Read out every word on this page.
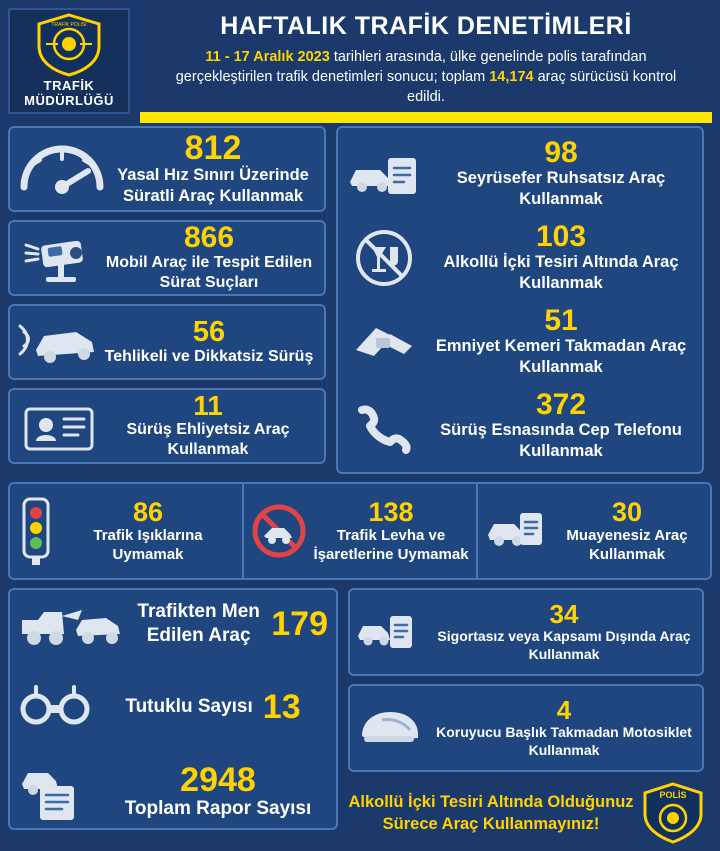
TRAFİK POLİSİ
TRAFİK
MÜDÜRLÜĞÜ
HAFTALIK TRAFİK DENETİMLERİ
11 - 17 Aralık 2023 tarihleri arasında, ülke genelinde polis tarafından gerçekleştirilen trafik denetimleri sonucu; toplam 14,174 araç sürücüsü kontrol edildi.
812
Yasal Hız Sınırı Üzerinde Süratli Araç Kullanmak
866
Mobil Araç ile Tespit Edilen Sürat Suçları
56
Tehlikeli ve Dikkatsiz Sürüş
11
Sürüş Ehliyetsiz Araç Kullanmak
98
Seyrüsefer Ruhsatsız Araç Kullanmak
103
Alkollü İçki Tesiri Altında Araç Kullanmak
51
Emniyet Kemeri Takmadan Araç Kullanmak
372
Sürüş Esnasında Cep Telefonu Kullanmak
86
Trafik Işıklarına Uymamak
138
Trafik Levha ve İşaretlerine Uymamak
30
Muayenesiz Araç Kullanmak
Trafikten Men Edilen Araç 179
Tutuklu Sayısı 13
2948
Toplam Rapor Sayısı
34
Sigortasız veya Kapsamı Dışında Araç Kullanmak
4
Koruyucu Başlık Takmadan Motosiklet Kullanmak
Alkollü İçki Tesiri Altında Olduğunuz Sürece Araç Kullanmayınız!
POLİS
